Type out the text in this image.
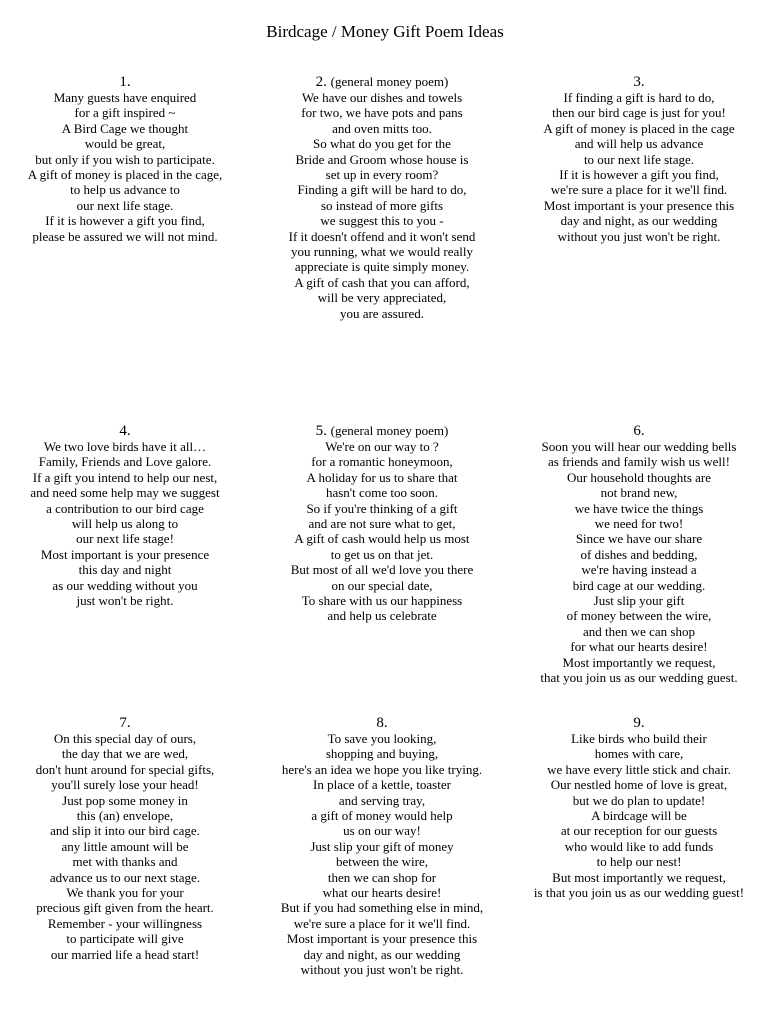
Birdcage / Money Gift Poem Ideas
1.
Many guests have enquired
for a gift inspired ~
A Bird Cage we thought
would be great,
but only if you wish to participate.
A gift of money is placed in the cage,
to help us advance to
our next life stage.
If it is however a gift you find,
please be assured we will not mind.
2. (general money poem)
We have our dishes and towels
for two, we have pots and pans
and oven mitts too.
So what do you get for the
Bride and Groom whose house is
set up in every room?
Finding a gift will be hard to do,
so instead of more gifts
we suggest this to you -
If it doesn't offend and it won't send
you running, what we would really
appreciate is quite simply money.
A gift of cash that you can afford,
will be very appreciated,
you are assured.
3.
If finding a gift is hard to do,
then our bird cage is just for you!
A gift of money is placed in the cage
and will help us advance
to our next life stage.
If it is however a gift you find,
we're sure a place for it we'll find.
Most important is your presence this
day and night, as our wedding
without you just won't be right.
4.
We two love birds have it all…
Family, Friends and Love galore.
If a gift you intend to help our nest,
and need some help may we suggest
a contribution to our bird cage
will help us along to
our next life stage!
Most important is your presence
this day and night
as our wedding without you
just won't be right.
5. (general money poem)
We're on our way to ?
for a romantic honeymoon,
A holiday for us to share that
hasn't come too soon.
So if you're thinking of a gift
and are not sure what to get,
A gift of cash would help us most
to get us on that jet.
But most of all we'd love you there
on our special date,
To share with us our happiness
and help us celebrate
6.
Soon you will hear our wedding bells
as friends and family wish us well!
Our household thoughts are
not brand new,
we have twice the things
we need for two!
Since we have our share
of dishes and bedding,
we're having instead a
bird cage at our wedding.
Just slip your gift
of money between the wire,
and then we can shop
for what our hearts desire!
Most importantly we request,
that you join us as our wedding guest.
7.
On this special day of ours,
the day that we are wed,
don't hunt around for special gifts,
you'll surely lose your head!
Just pop some money in
this (an) envelope,
and slip it into our bird cage.
any little amount will be
met with thanks and
advance us to our next stage.
We thank you for your
precious gift given from the heart.
Remember - your willingness
to participate will give
our married life a head start!
8.
To save you looking,
shopping and buying,
here's an idea we hope you like trying.
In place of a kettle, toaster
and serving tray,
a gift of money would help
us on our way!
Just slip your gift of money
between the wire,
then we can shop for
what our hearts desire!
But if you had something else in mind,
we're sure a place for it we'll find.
Most important is your presence this
day and night, as our wedding
without you just won't be right.
9.
Like birds who build their
homes with care,
we have every little stick and chair.
Our nestled home of love is great,
but we do plan to update!
A birdcage will be
at our reception for our guests
who would like to add funds
to help our nest!
But most importantly we request,
is that you join us as our wedding guest!
